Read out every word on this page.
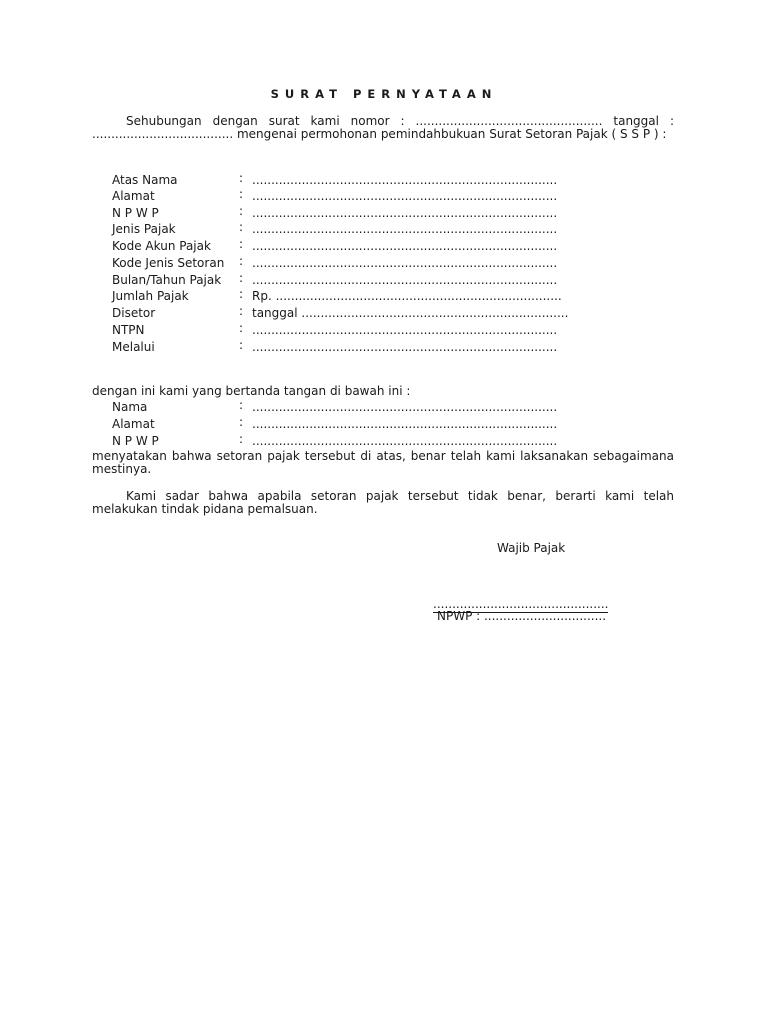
SURAT PERNYATAAN
Sehubungan dengan surat kami nomor : ................................................. tanggal : ..................................... mengenai permohonan pemindahbukuan Surat Setoran Pajak ( S S P ) :
Atas Nama	: ................................................................................
Alamat	: ................................................................................
N P W P	: ................................................................................
Jenis Pajak	: ................................................................................
Kode Akun Pajak : ................................................................................
Kode Jenis Setoran : ................................................................................
Bulan/Tahun Pajak : ................................................................................
Jumlah Pajak	: Rp. ...........................................................................
Disetor	: tanggal ......................................................................
NTPN	: ................................................................................
Melalui	: ................................................................................
dengan ini kami yang bertanda tangan di bawah ini :
Nama	: ................................................................................
Alamat	: ................................................................................
N P W P	: ................................................................................
menyatakan bahwa setoran pajak tersebut di atas, benar telah kami laksanakan sebagaimana mestinya.
Kami sadar bahwa apabila setoran pajak tersebut tidak benar, berarti kami telah melakukan tindak pidana pemalsuan.
Wajib Pajak
..............................................
NPWP : ................................
